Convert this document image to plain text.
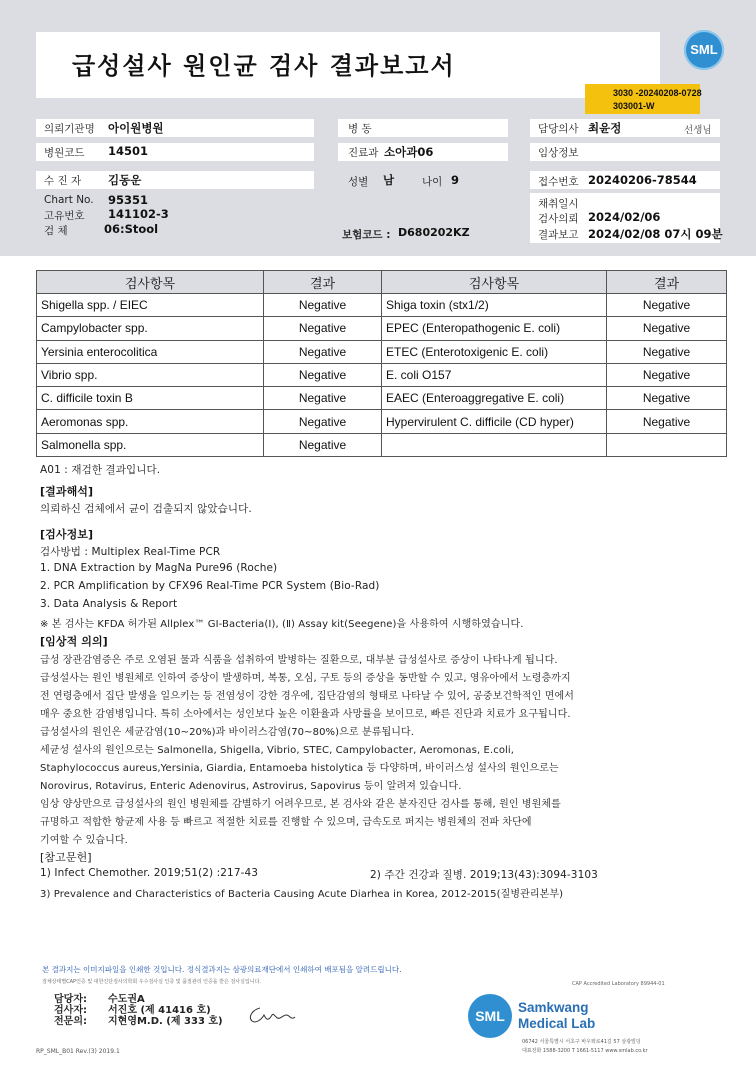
급성설사 원인균 검사 결과보고서
SML
3030 -20240208-0728
303001-W
의뢰기관명 아이원병원	병 동	담당의사 최윤정	선생님
병원코드 14501	진료과 소아과06	임상정보
수 진 자 김동운	성별 남	나이 9	접수번호 20240206-78544
Chart No. 95351
고유번호 141102-3
검 체	06:Stool	보험코드 : D680202KZ
채취일시
검사의뢰 2024/02/06
결과보고 2024/02/08 07시 09분
검사항목	결과	검사항목	결과
Shigella spp. / EIEC	Negative	Shiga toxin (stx1/2)	Negative
Campylobacter spp.	Negative	EPEC (Enteropathogenic E. coli)	Negative
Yersinia enterocolitica	Negative	ETEC (Enterotoxigenic E. coli)	Negative
Vibrio spp.	Negative	E. coli O157	Negative
C. difficile toxin B	Negative	EAEC (Enteroaggregative E. coli)	Negative
Aeromonas spp.	Negative	Hypervirulent C. difficile (CD hyper)	Negative
Salmonella spp.	Negative		
A01 : 재검한 결과입니다.
[결과해석]
의뢰하신 검체에서 균이 검출되지 않았습니다.
[검사정보]
검사방법 : Multiplex Real-Time PCR
1. DNA Extraction by MagNa Pure96 (Roche)
2. PCR Amplification by CFX96 Real-Time PCR System (Bio-Rad)
3. Data Analysis & Report
※ 본 검사는 KFDA 허가된 Allplex™ GI-Bacteria(Ⅰ), (Ⅱ) Assay kit(Seegene)을 사용하여 시행하였습니다.
[임상적 의의]
급성 장관감염증은 주로 오염된 물과 식품을 섭취하여 발병하는 질환으로, 대부분 급성설사로 증상이 나타나게 됩니다.
급성설사는 원인 병원체로 인하여 증상이 발생하며, 복통, 오심, 구토 등의 증상을 동반할 수 있고, 영유아에서 노령층까지
전 연령층에서 집단 발생을 일으키는 등 전염성이 강한 경우에, 집단감염의 형태로 나타날 수 있어, 공중보건학적인 면에서
매우 중요한 감염병입니다. 특히 소아에서는 성인보다 높은 이환율과 사망률을 보이므로, 빠른 진단과 치료가 요구됩니다.
급성설사의 원인은 세균감염(10~20%)과 바이러스감염(70~80%)으로 분류됩니다.
세균성 설사의 원인으로는 Salmonella, Shigella, Vibrio, STEC, Campylobacter, Aeromonas, E.coli,
Staphylococcus aureus,Yersinia, Giardia, Entamoeba histolytica 등 다양하며, 바이러스성 설사의 원인으로는
Norovirus, Rotavirus, Enteric Adenovirus, Astrovirus, Sapovirus 등이 알려져 있습니다.
임상 양상만으로 급성설사의 원인 병원체를 감별하기 어려우므로, 본 검사와 같은 분자진단 검사를 통해, 원인 병원체를
규명하고 적합한 항균제 사용 등 빠르고 적절한 치료를 진행할 수 있으며, 급속도로 퍼지는 병원체의 전파 차단에
기여할 수 있습니다.
[참고문헌]
1) Infect Chemother. 2019;51(2) :217-43	2) 주간 건강과 질병. 2019;13(43):3094-3103
3) Prevalence and Characteristics of Bacteria Causing Acute Diarhea in Korea, 2012-2015(질병관리본부)
본 결과지는 이미지파일을 인쇄한 것입니다. 정식결과지는 삼광의료재단에서 인쇄하여 배포됨을 알려드립니다.
검체상태별CAP인증 및 대한진단검사의학회 우수검사실 인증 및 품질관리 인증을 받은 검사실입니다.	CAP Accredited Laboratory 89944-01
담당자: 수도권A
검사자: 서진호 (제 41416 호)
전문의: 지현영M.D. (제 333 호)	SML
Samkwang
Medical Lab
06742 서울특별시 서초구 바우뫼로41길 57 삼광빌딩
대표전화 1588-3200 T 1661-5117 www.smlab.co.kr
RP_SML_B01 Rev.(3) 2019.1
